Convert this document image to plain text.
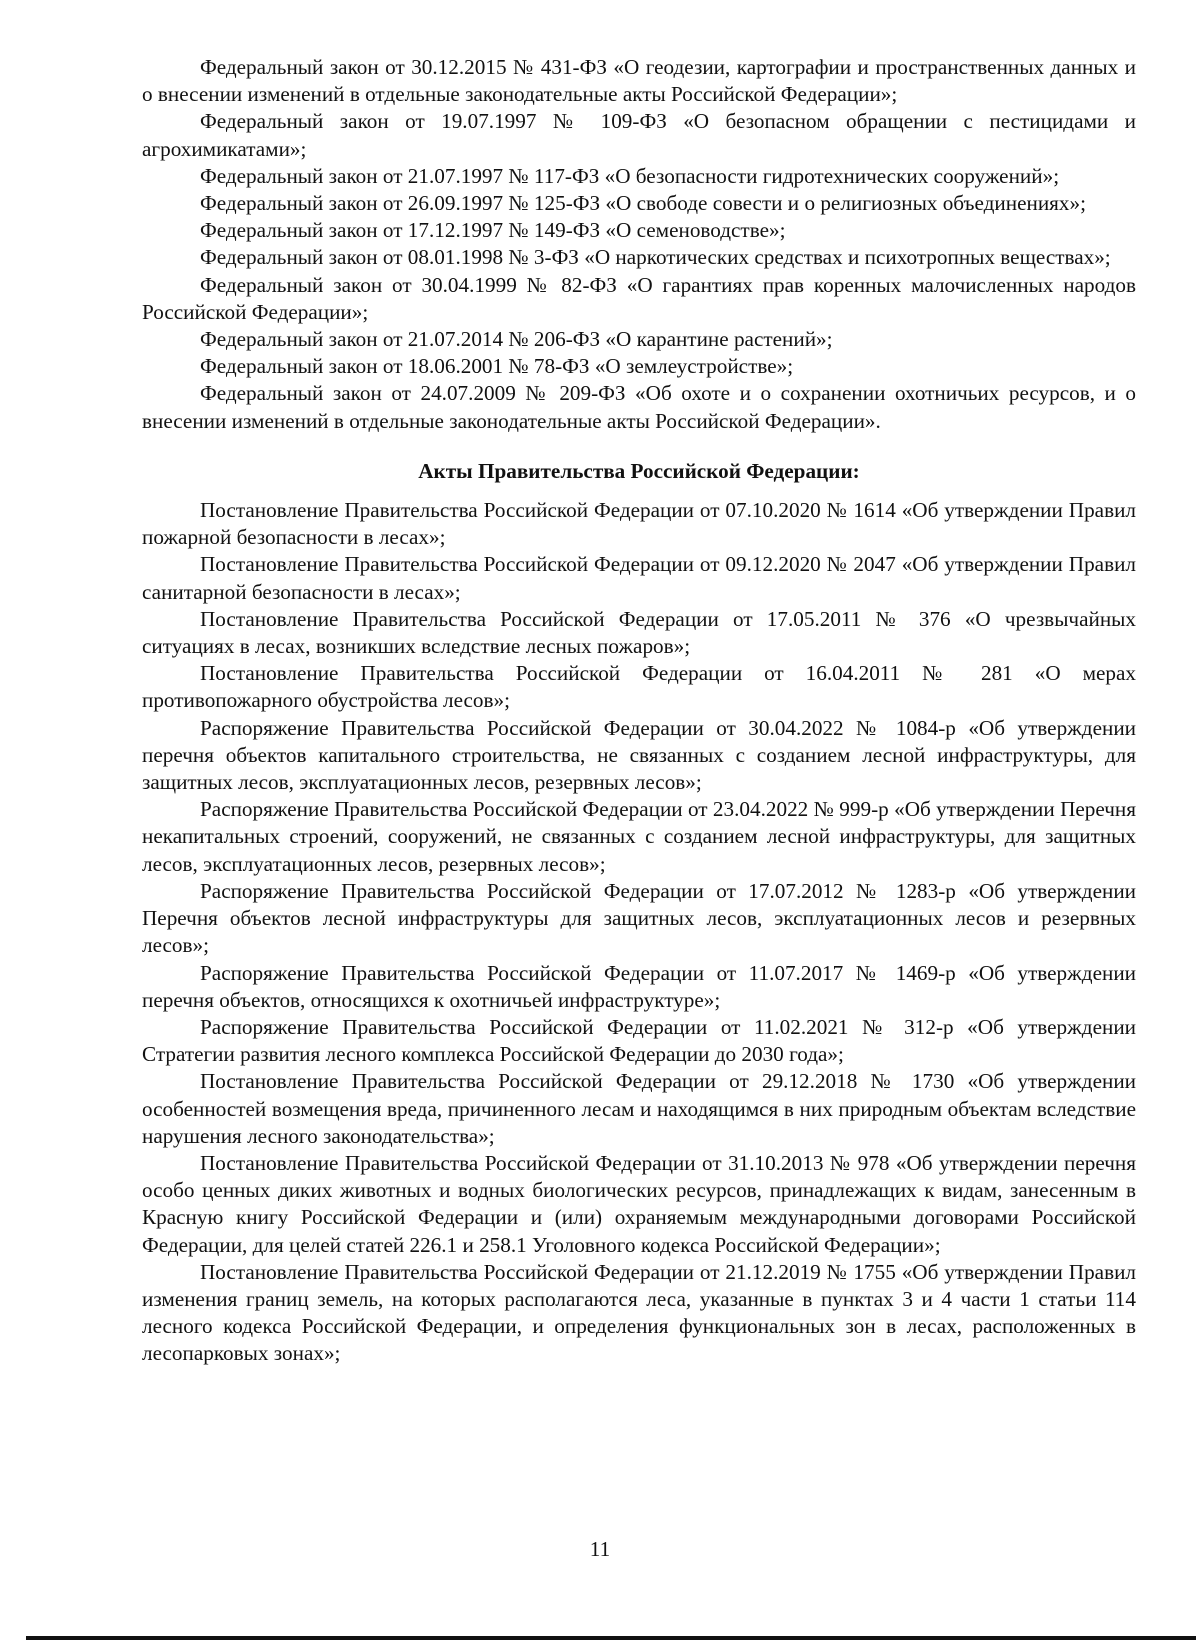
Федеральный закон от 30.12.2015 № 431-ФЗ «О геодезии, картографии и пространственных данных и о внесении изменений в отдельные законодательные акты Российской Федерации»;

Федеральный закон от 19.07.1997 № 109-ФЗ «О безопасном обращении с пестицидами и агрохимикатами»;

Федеральный закон от 21.07.1997 № 117-ФЗ «О безопасности гидротехнических сооружений»;

Федеральный закон от 26.09.1997 № 125-ФЗ «О свободе совести и о религиозных объединениях»;

Федеральный закон от 17.12.1997 № 149-ФЗ «О семеноводстве»;

Федеральный закон от 08.01.1998 № 3-ФЗ «О наркотических средствах и психотропных веществах»;

Федеральный закон от 30.04.1999 № 82-ФЗ «О гарантиях прав коренных малочисленных народов Российской Федерации»;

Федеральный закон от 21.07.2014 № 206-ФЗ «О карантине растений»;

Федеральный закон от 18.06.2001 № 78-ФЗ «О землеустройстве»;

Федеральный закон от 24.07.2009 № 209-ФЗ «Об охоте и о сохранении охотничьих ресурсов, и о внесении изменений в отдельные законодательные акты Российской Федерации».

Акты Правительства Российской Федерации:

Постановление Правительства Российской Федерации от 07.10.2020 № 1614 «Об утверждении Правил пожарной безопасности в лесах»;

Постановление Правительства Российской Федерации от 09.12.2020 № 2047 «Об утверждении Правил санитарной безопасности в лесах»;

Постановление Правительства Российской Федерации от 17.05.2011 № 376 «О чрезвычайных ситуациях в лесах, возникших вследствие лесных пожаров»;

Постановление Правительства Российской Федерации от 16.04.2011 № 281 «О мерах противопожарного обустройства лесов»;

Распоряжение Правительства Российской Федерации от 30.04.2022 № 1084-р «Об утверждении перечня объектов капитального строительства, не связанных с созданием лесной инфраструктуры, для защитных лесов, эксплуатационных лесов, резервных лесов»;

Распоряжение Правительства Российской Федерации от 23.04.2022 № 999-р «Об утверждении Перечня некапитальных строений, сооружений, не связанных с созданием лесной инфраструктуры, для защитных лесов, эксплуатационных лесов, резервных лесов»;

Распоряжение Правительства Российской Федерации от 17.07.2012 № 1283-р «Об утверждении Перечня объектов лесной инфраструктуры для защитных лесов, эксплуатационных лесов и резервных лесов»;

Распоряжение Правительства Российской Федерации от 11.07.2017 № 1469-р «Об утверждении перечня объектов, относящихся к охотничьей инфраструктуре»;

Распоряжение Правительства Российской Федерации от 11.02.2021 № 312-р «Об утверждении Стратегии развития лесного комплекса Российской Федерации до 2030 года»;

Постановление Правительства Российской Федерации от 29.12.2018 № 1730 «Об утверждении особенностей возмещения вреда, причиненного лесам и находящимся в них природным объектам вследствие нарушения лесного законодательства»;

Постановление Правительства Российской Федерации от 31.10.2013 № 978 «Об утверждении перечня особо ценных диких животных и водных биологических ресурсов, принадлежащих к видам, занесенным в Красную книгу Российской Федерации и (или) охраняемым международными договорами Российской Федерации, для целей статей 226.1 и 258.1 Уголовного кодекса Российской Федерации»;

Постановление Правительства Российской Федерации от 21.12.2019 № 1755 «Об утверждении Правил изменения границ земель, на которых располагаются леса, указанные в пунктах 3 и 4 части 1 статьи 114 лесного кодекса Российской Федерации, и определения функциональных зон в лесах, расположенных в лесопарковых зонах»;

11
